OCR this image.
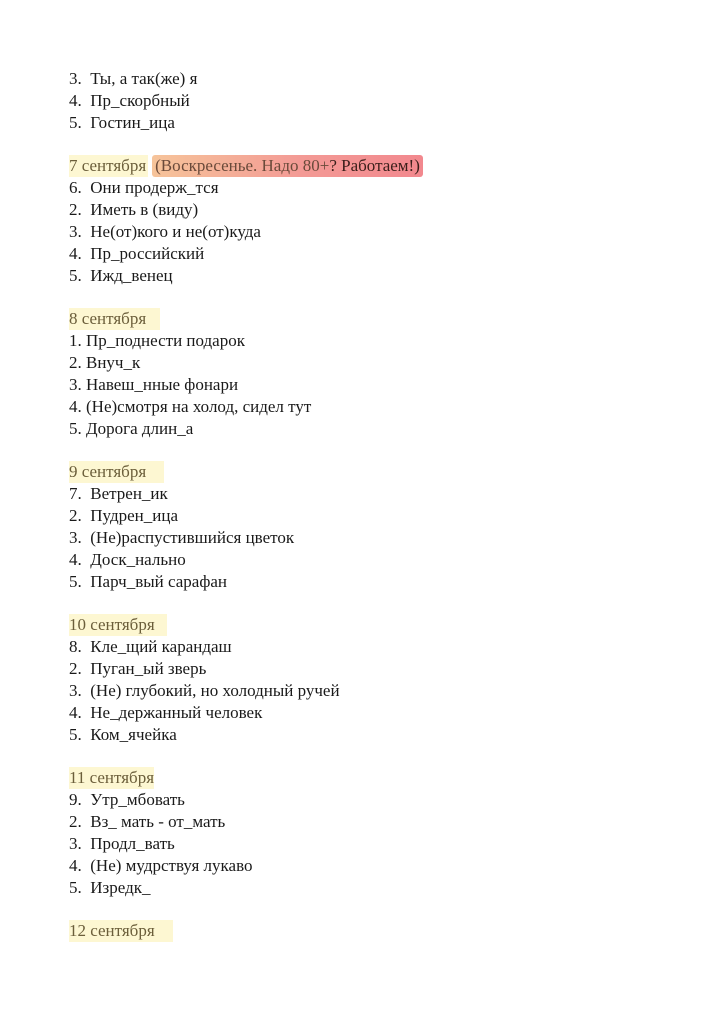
3. Ты, а так(же) я
4. Пр_скорбный
5. Гостин_ица
7 сентября (Воскресенье. Надо 80+? Работаем!)
6. Они продерж_тся
2. Иметь в (виду)
3. Не(от)кого и не(от)куда
4. Пр_российский
5. Ижд_венец
8 сентября
1. Пр_поднести подарок
2. Внуч_к
3. Навеш_нные фонари
4. (Не)смотря на холод, сидел тут
5. Дорога длин_а
9 сентября
7. Ветрен_ик
2. Пудрен_ица
3. (Не)распустившийся цветок
4. Доск_нально
5. Парч_вый сарафан
10 сентября
8. Кле_щий карандаш
2. Пуган_ый зверь
3. (Не) глубокий, но холодный ручей
4. Не_держанный человек
5. Ком_ячейка
11 сентября
9. Утр_мбовать
2. Вз_ мать - от_мать
3. Продл_вать
4. (Не) мудрствуя лукаво
5. Изредк_
12 сентября
